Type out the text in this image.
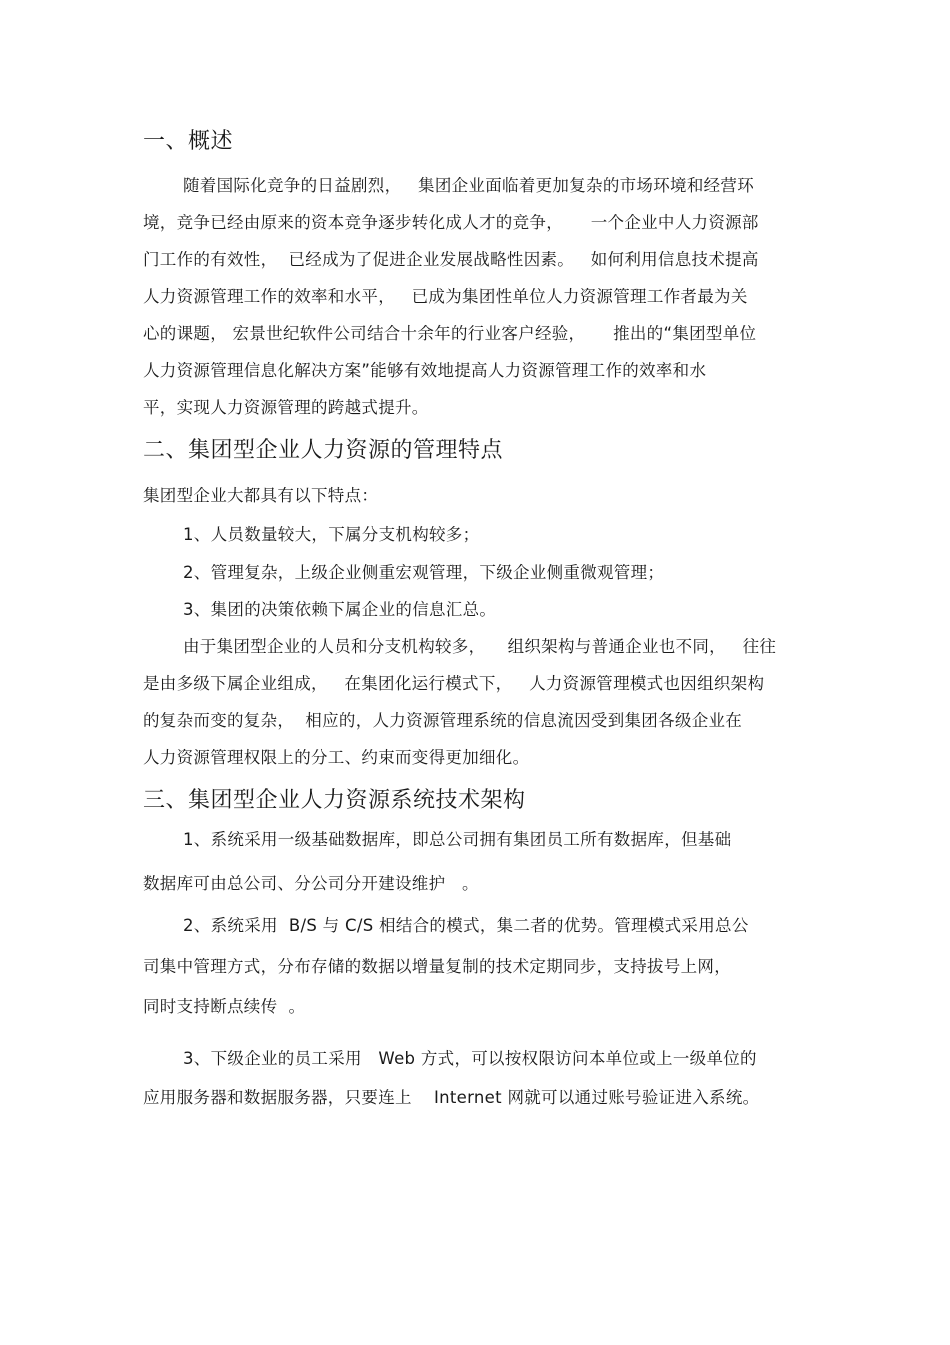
一、概述
随着国际化竞争的日益剧烈，   集团企业面临着更加复杂的市场环境和经营环
境，竞争已经由原来的资本竞争逐步转化成人才的竞争，     一个企业中人力资源部
门工作的有效性，  已经成为了促进企业发展战略性因素。   如何利用信息技术提高
人力资源管理工作的效率和水平，   已成为集团性单位人力资源管理工作者最为关
心的课题， 宏景世纪软件公司结合十余年的行业客户经验，     推出的“集团型单位
人力资源管理信息化解决方案”能够有效地提高人力资源管理工作的效率和水
平，实现人力资源管理的跨越式提升。
二、集团型企业人力资源的管理特点
集团型企业大都具有以下特点：
1、人员数量较大，下属分支机构较多；
2、管理复杂，上级企业侧重宏观管理，下级企业侧重微观管理；
3、集团的决策依赖下属企业的信息汇总。
由于集团型企业的人员和分支机构较多，    组织架构与普通企业也不同，   往往
是由多级下属企业组成，   在集团化运行模式下，   人力资源管理模式也因组织架构
的复杂而变的复杂，  相应的，人力资源管理系统的信息流因受到集团各级企业在
人力资源管理权限上的分工、约束而变得更加细化。
三、集团型企业人力资源系统技术架构
1、系统采用一级基础数据库，即总公司拥有集团员工所有数据库，但基础
数据库可由总公司、分公司分开建设维护   。
2、系统采用  B/S 与 C/S 相结合的模式，集二者的优势。管理模式采用总公
司集中管理方式，分布存储的数据以增量复制的技术定期同步，支持拔号上网，
同时支持断点续传  。
3、下级企业的员工采用   Web 方式，可以按权限访问本单位或上一级单位的
应用服务器和数据服务器，只要连上    Internet 网就可以通过账号验证进入系统。
